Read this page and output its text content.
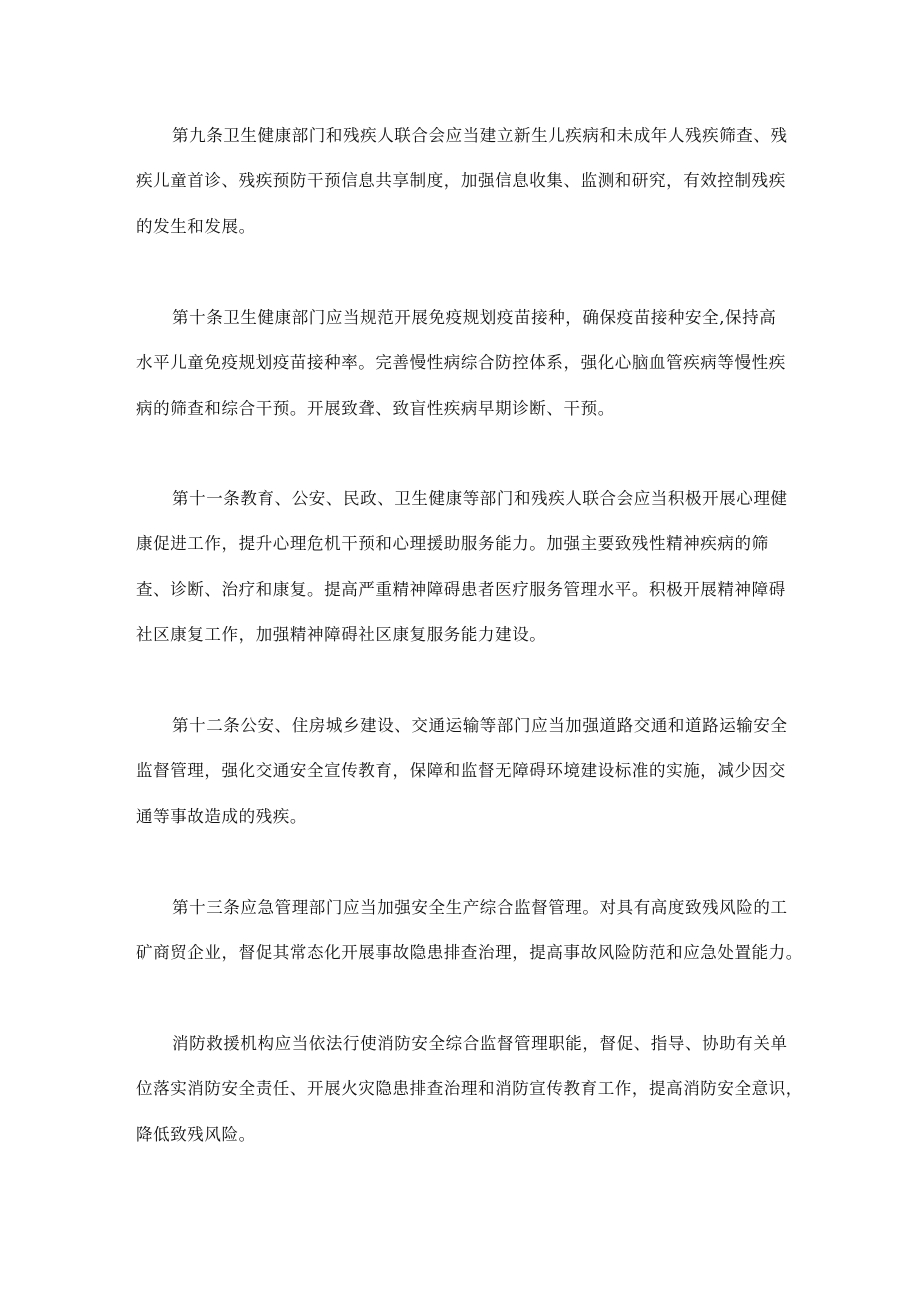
第九条卫生健康部门和残疾人联合会应当建立新生儿疾病和未成年人残疾筛查、残
疾儿童首诊、残疾预防干预信息共享制度，加强信息收集、监测和研究，有效控制残疾
的发生和发展。
第十条卫生健康部门应当规范开展免疫规划疫苗接种，确保疫苗接种安全,保持高
水平儿童免疫规划疫苗接种率。完善慢性病综合防控体系，强化心脑血管疾病等慢性疾
病的筛查和综合干预。开展致聋、致盲性疾病早期诊断、干预。
第十一条教育、公安、民政、卫生健康等部门和残疾人联合会应当积极开展心理健
康促进工作，提升心理危机干预和心理援助服务能力。加强主要致残性精神疾病的筛
查、诊断、治疗和康复。提高严重精神障碍患者医疗服务管理水平。积极开展精神障碍
社区康复工作，加强精神障碍社区康复服务能力建设。
第十二条公安、住房城乡建设、交通运输等部门应当加强道路交通和道路运输安全
监督管理，强化交通安全宣传教育，保障和监督无障碍环境建设标准的实施，减少因交
通等事故造成的残疾。
第十三条应急管理部门应当加强安全生产综合监督管理。对具有高度致残风险的工
矿商贸企业，督促其常态化开展事故隐患排查治理，提高事故风险防范和应急处置能力。
消防救援机构应当依法行使消防安全综合监督管理职能，督促、指导、协助有关单
位落实消防安全责任、开展火灾隐患排查治理和消防宣传教育工作，提高消防安全意识，
降低致残风险。
